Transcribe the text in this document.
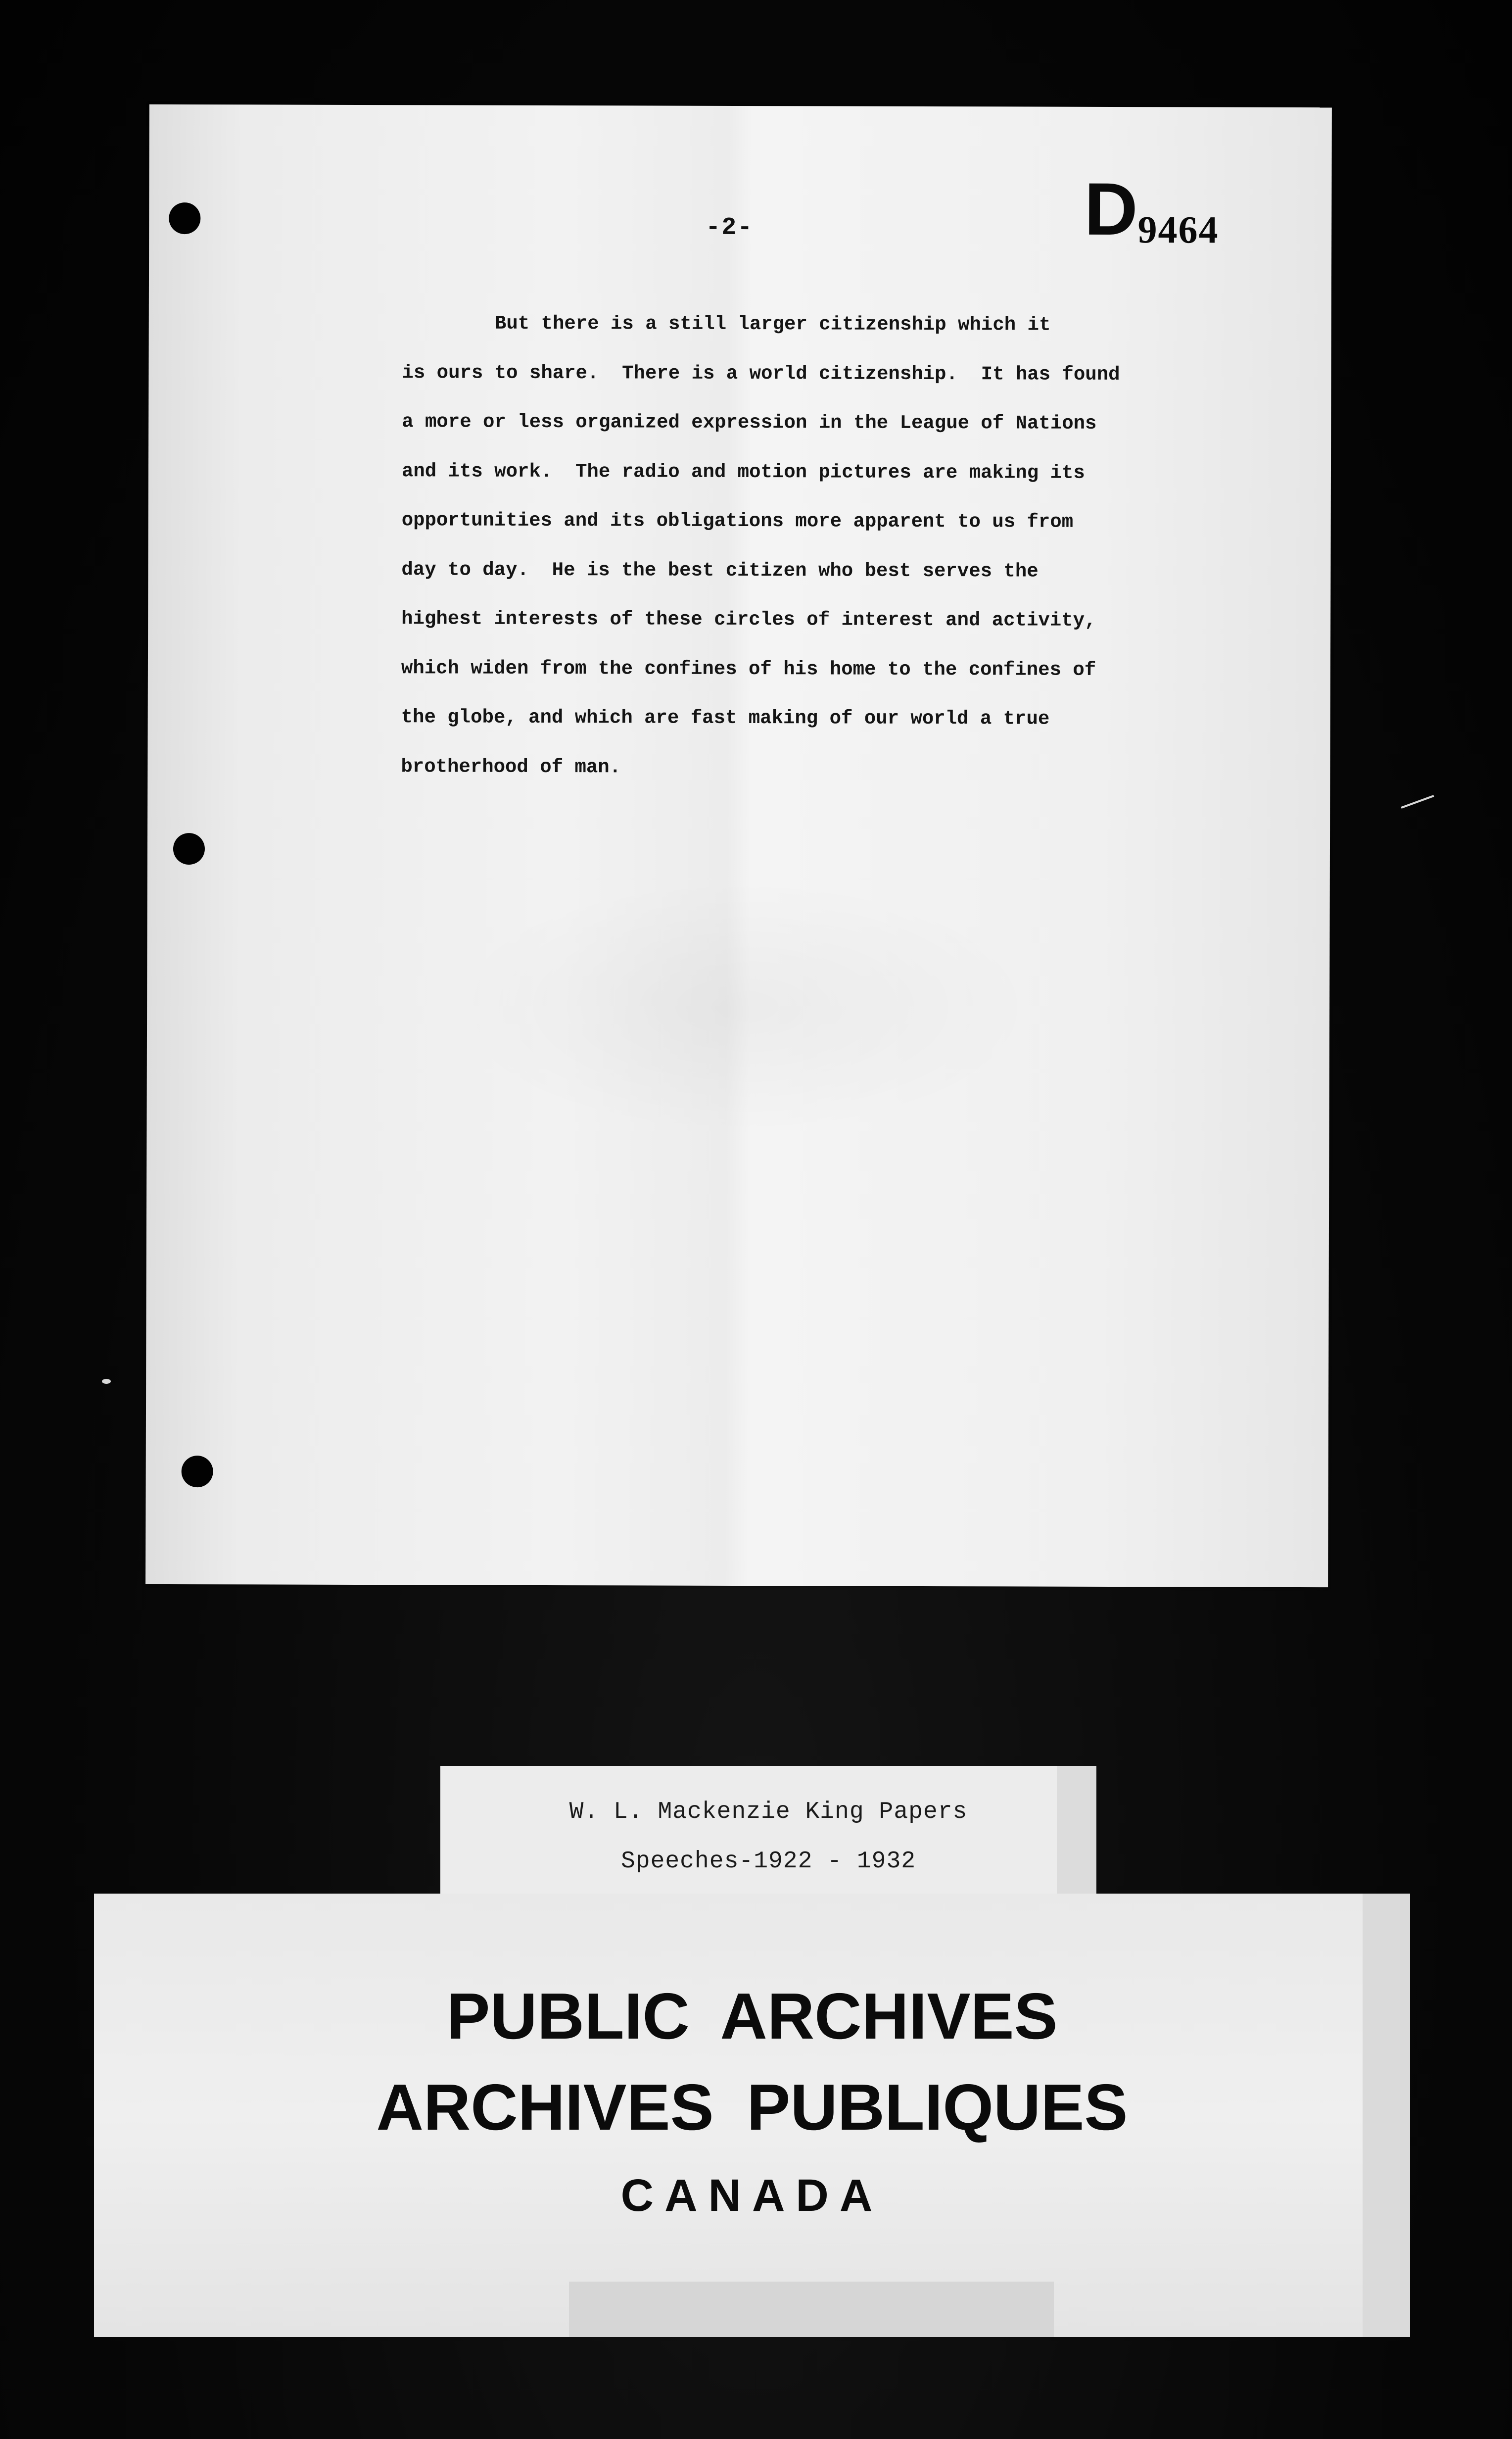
-2-	D9464

But there is a still larger citizenship which it
is ours to share.  There is a world citizenship.  It has found
a more or less organized expression in the League of Nations
and its work.  The radio and motion pictures are making its
opportunities and its obligations more apparent to us from
day to day.  He is the best citizen who best serves the
highest interests of these circles of interest and activity,
which widen from the confines of his home to the confines of
the globe, and which are fast making of our world a true
brotherhood of man.

W. L. Mackenzie King Papers
Speeches-1922 - 1932
PUBLIC ARCHIVES
ARCHIVES PUBLIQUES
CANADA
